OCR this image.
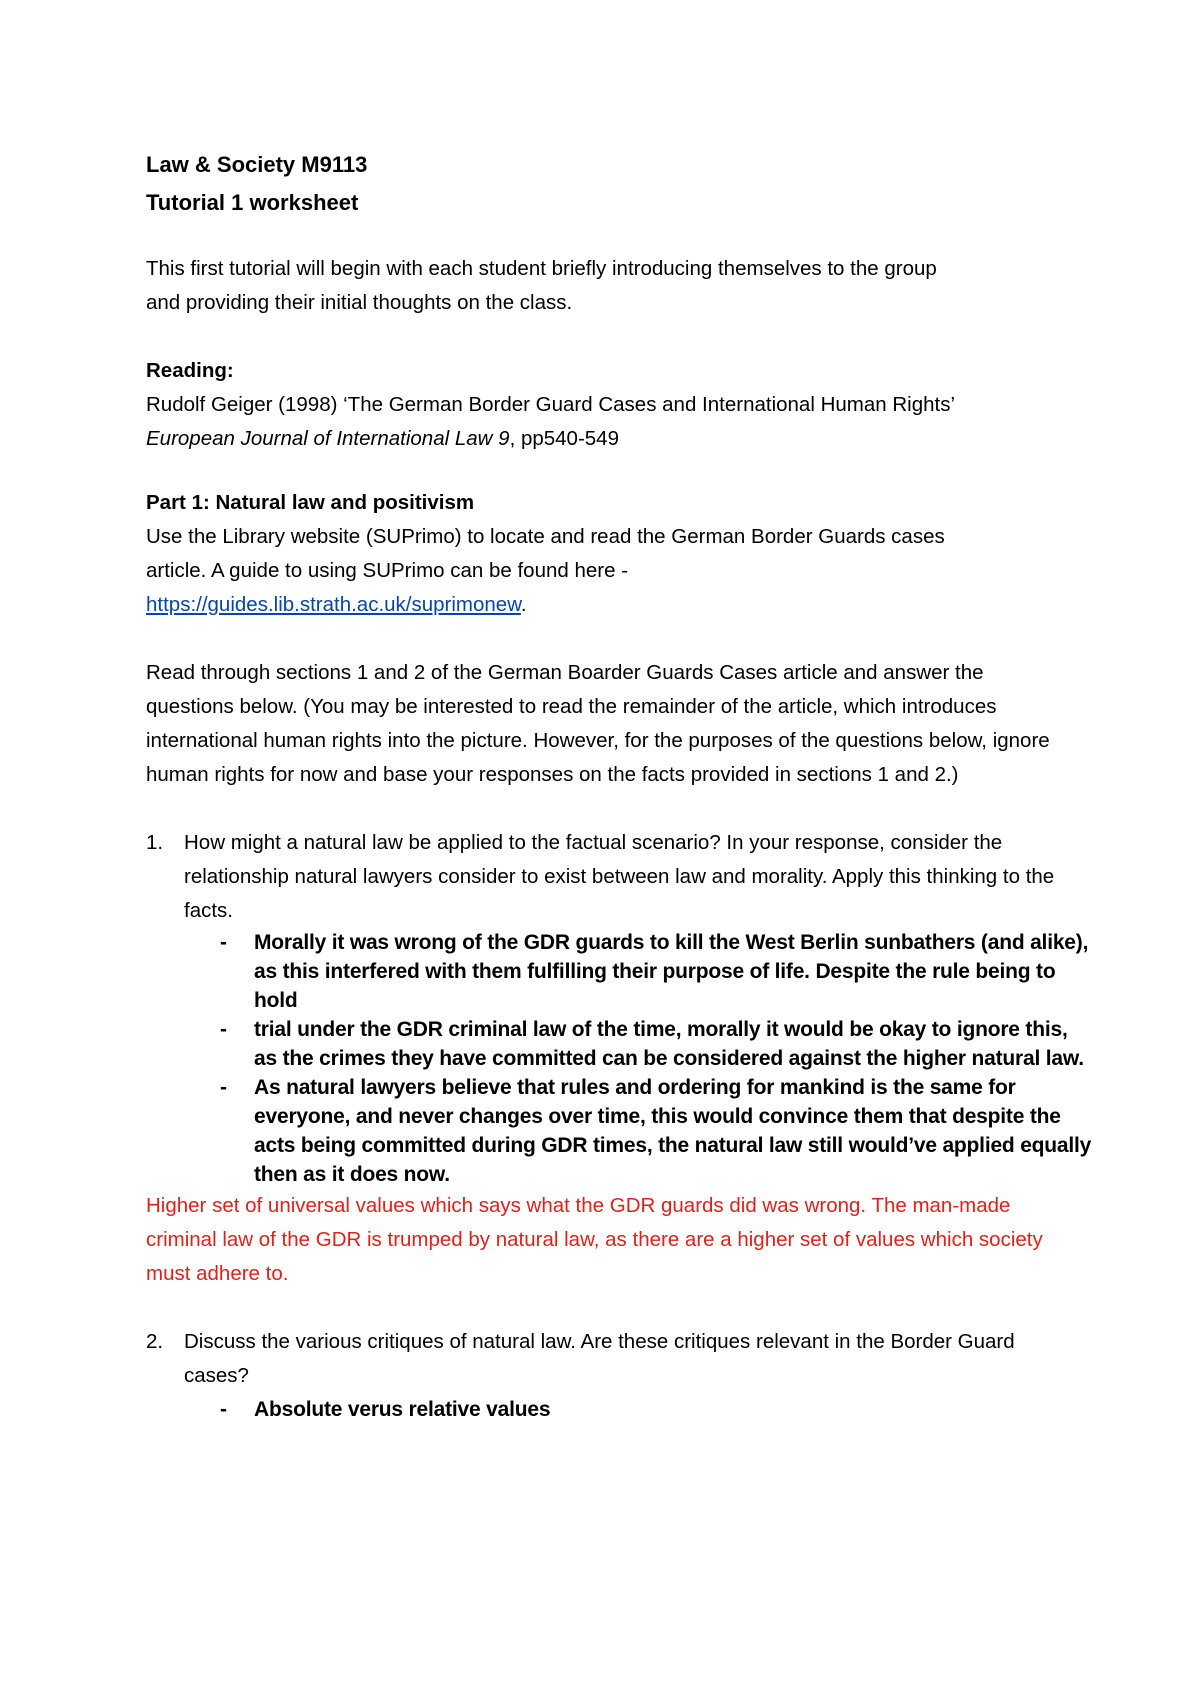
Law & Society M9113

Tutorial 1 worksheet

This first tutorial will begin with each student briefly introducing themselves to the group and providing their initial thoughts on the class.

Reading:

Rudolf Geiger (1998) ‘The German Border Guard Cases and International Human Rights’ European Journal of International Law 9, pp540-549

Part 1: Natural law and positivism

Use the Library website (SUPrimo) to locate and read the German Border Guards cases article. A guide to using SUPrimo can be found here -
https://guides.lib.strath.ac.uk/suprimonew.

Read through sections 1 and 2 of the German Boarder Guards Cases article and answer the questions below. (You may be interested to read the remainder of the article, which introduces international human rights into the picture. However, for the purposes of the questions below, ignore human rights for now and base your responses on the facts provided in sections 1 and 2.)

1. How might a natural law be applied to the factual scenario? In your response, consider the relationship natural lawyers consider to exist between law and morality. Apply this thinking to the facts.

- Morally it was wrong of the GDR guards to kill the West Berlin sunbathers (and alike), as this interfered with them fulfilling their purpose of life. Despite the rule being to hold
- trial under the GDR criminal law of the time, morally it would be okay to ignore this, as the crimes they have committed can be considered against the higher natural law.
- As natural lawyers believe that rules and ordering for mankind is the same for everyone, and never changes over time, this would convince them that despite the acts being committed during GDR times, the natural law still would’ve applied equally then as it does now.

Higher set of universal values which says what the GDR guards did was wrong. The man-made criminal law of the GDR is trumped by natural law, as there are a higher set of values which society must adhere to.

2. Discuss the various critiques of natural law. Are these critiques relevant in the Border Guard cases?

- Absolute verus relative values
